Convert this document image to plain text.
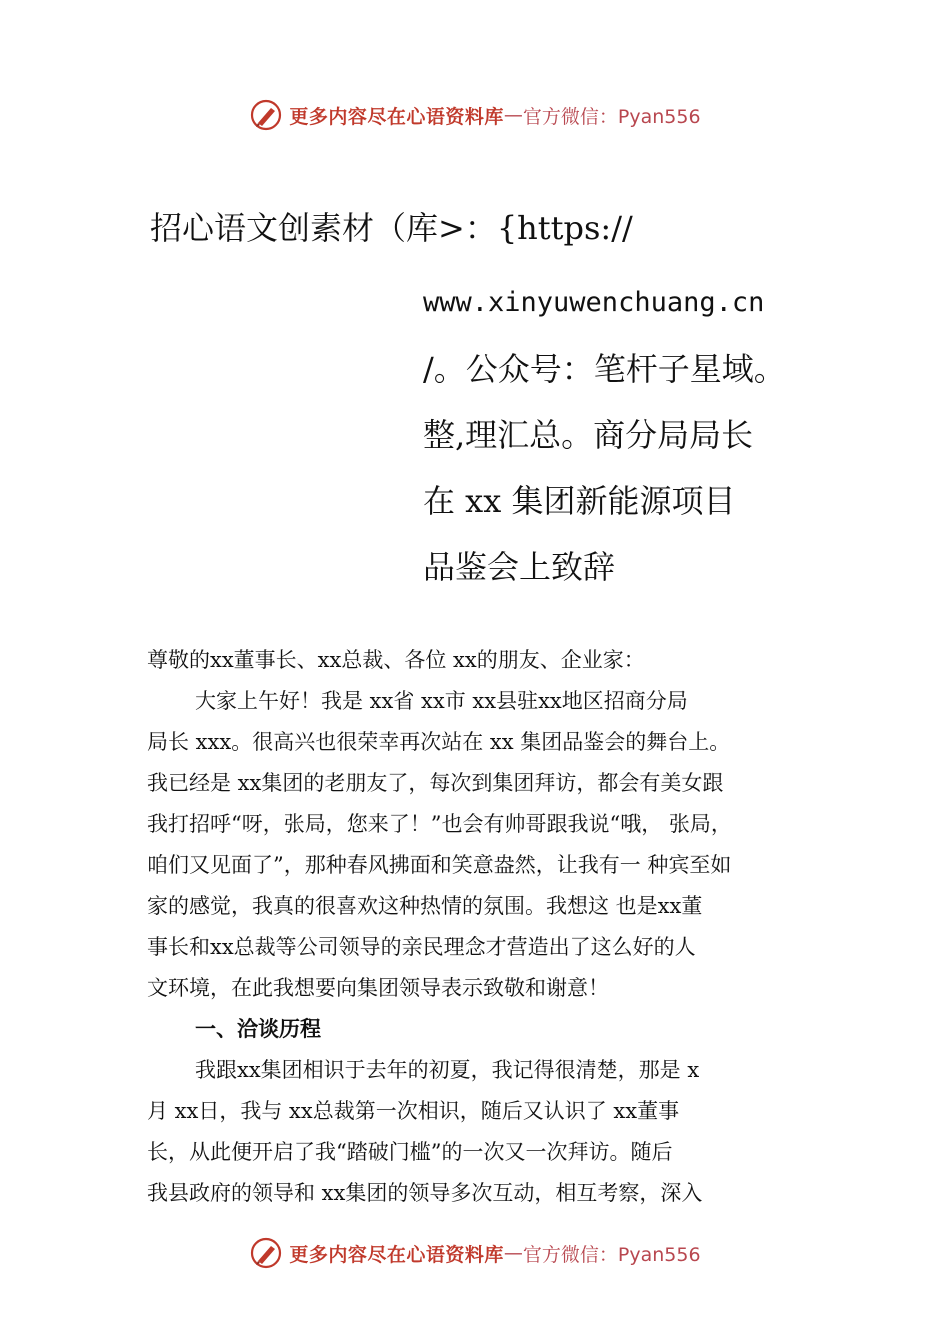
更多内容尽在心语资料库 — 官方微信：Pyan556
招心语文创素材（库>：{https://
www.xinyuwenchuang.cn
/。公众号：笔杆子星域。
整,理汇总。商分局局长
在 xx 集团新能源项目
品鉴会上致辞
尊敬的xx董事长、xx总裁、各位 xx的朋友、企业家：
大家上午好！我是 xx省 xx市 xx县驻xx地区招商分局
局长 xxx。很高兴也很荣幸再次站在 xx 集团品鉴会的舞台上。
我已经是 xx集团的老朋友了，每次到集团拜访，都会有美女跟
我打招呼“呀，张局，您来了！”也会有帅哥跟我说“哦， 张局，
咱们又见面了”，那种春风拂面和笑意盎然，让我有一 种宾至如
家的感觉，我真的很喜欢这种热情的氛围。我想这 也是xx董
事长和xx总裁等公司领导的亲民理念才营造出了这么好的人
文环境，在此我想要向集团领导表示致敬和谢意！
一、洽谈历程
我跟xx集团相识于去年的初夏，我记得很清楚，那是 x
月 xx日，我与 xx总裁第一次相识，随后又认识了 xx董事
长，从此便开启了我“踏破门槛”的一次又一次拜访。随后
我县政府的领导和 xx集团的领导多次互动，相互考察，深入
更多内容尽在心语资料库 — 官方微信：Pyan556
